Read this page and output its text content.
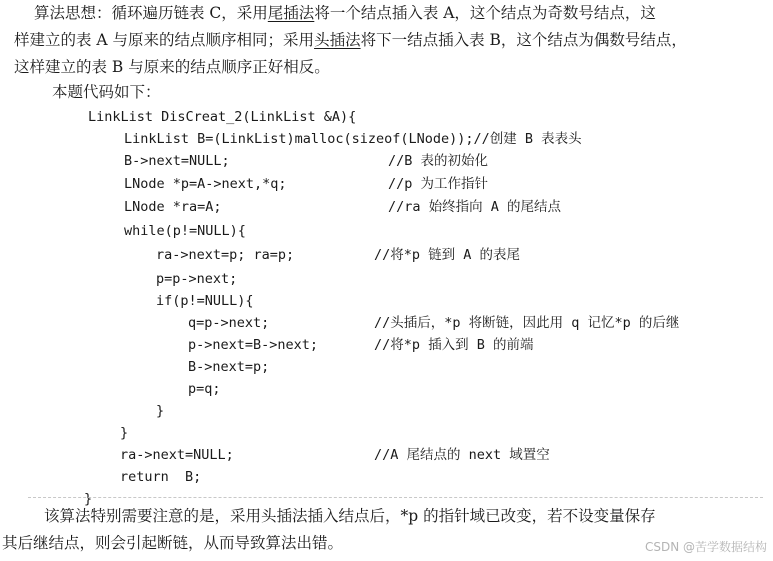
算法思想：循环遍历链表 C，采用尾插法将一个结点插入表 A，这个结点为奇数号结点，这
样建立的表 A 与原来的结点顺序相同；采用头插法将下一结点插入表 B，这个结点为偶数号结点，
这样建立的表 B 与原来的结点顺序正好相反。
本题代码如下：
LinkList DisCreat_2(LinkList &A){
LinkList B=(LinkList)malloc(sizeof(LNode));//创建 B 表表头
B->next=NULL;	//B 表的初始化
LNode *p=A->next,*q;	//p 为工作指针
LNode *ra=A;	//ra 始终指向 A 的尾结点
while(p!=NULL){
ra->next=p; ra=p;	//将*p 链到 A 的表尾
p=p->next;
if(p!=NULL){
q=p->next;	//头插后，*p 将断链，因此用 q 记忆*p 的后继
p->next=B->next;	//将*p 插入到 B 的前端
B->next=p;
p=q;
}
}
ra->next=NULL;	//A 尾结点的 next 域置空
return  B;
}
该算法特别需要注意的是，采用头插法插入结点后，*p 的指针域已改变，若不设变量保存
其后继结点，则会引起断链，从而导致算法出错。	CSDN @苦学数据结构
